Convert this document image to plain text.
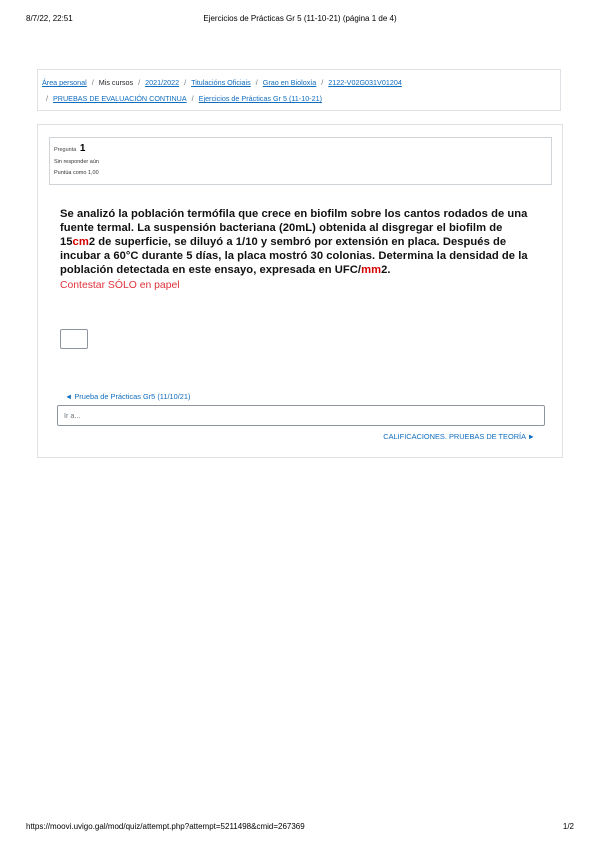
8/7/22, 22:51	Ejercicios de Prácticas Gr 5 (11-10-21) (página 1 de 4)
Área personal / Mis cursos / 2021/2022 / Titulacións Oficiais / Grao en Bioloxía / 2122-V02G031V01204
/ PRUEBAS DE EVALUACIÓN CONTINUA / Ejercicios de Prácticas Gr 5 (11-10-21)
Pregunta 1
Sin responder aún
Puntúa como 1,00
Se analizó la población termófila que crece en biofilm sobre los cantos rodados de una fuente termal. La suspensión bacteriana (20mL) obtenida al disgregar el biofilm de 15cm2 de superficie, se diluyó a 1/10 y sembró por extensión en placa. Después de incubar a 60°C durante 5 días, la placa mostró 30 colonias. Determina la densidad de la población detectada en este ensayo, expresada en UFC/mm2.
Contestar SÓLO en papel
◄ Prueba de Prácticas Gr5 (11/10/21)
Ir a...
CALIFICACIONES. PRUEBAS DE TEORÍA ►
https://moovi.uvigo.gal/mod/quiz/attempt.php?attempt=5211498&cmid=267369	1/2
